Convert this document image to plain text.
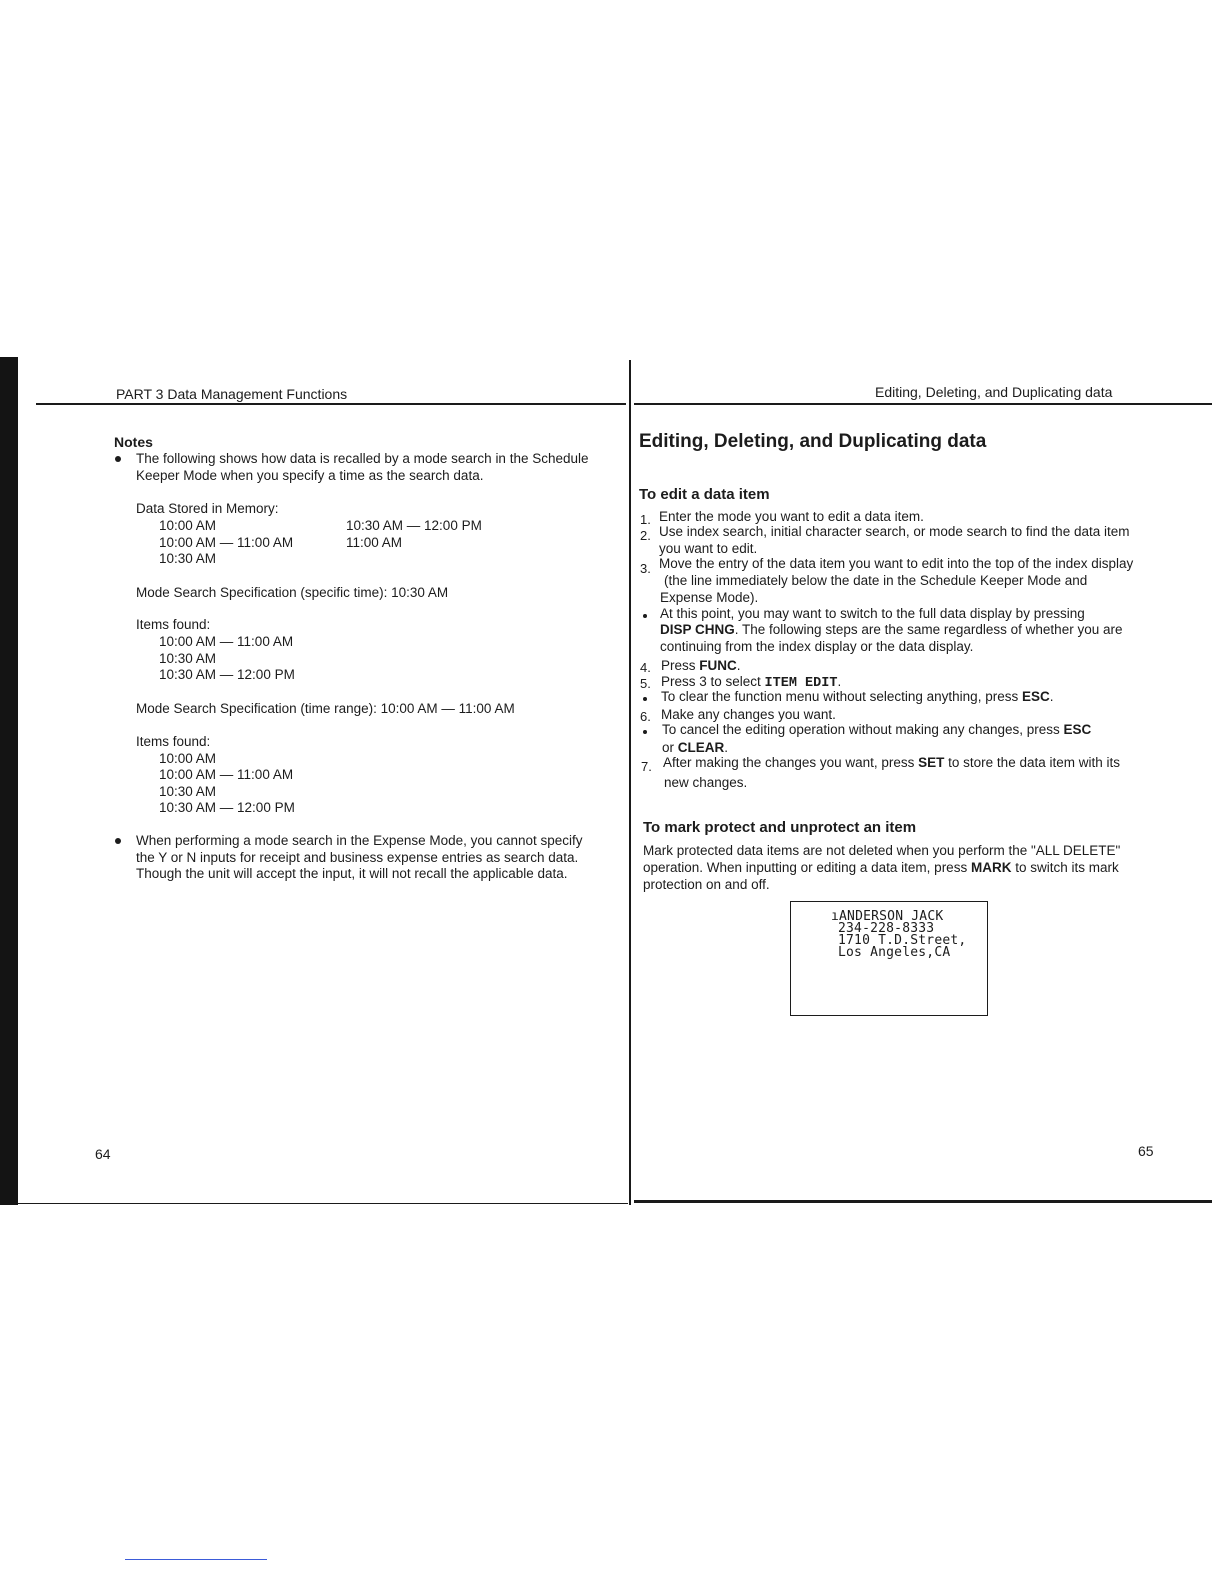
PART 3 Data Management Functions
Notes
The following shows how data is recalled by a mode search in the Schedule
Keeper Mode when you specify a time as the search data.
Data Stored in Memory:
10:00 AM
10:00 AM — 11:00 AM
10:30 AM
10:30 AM — 12:00 PM
11:00 AM
Mode Search Specification (specific time): 10:30 AM
Items found:
10:00 AM — 11:00 AM
10:30 AM
10:30 AM — 12:00 PM
Mode Search Specification (time range): 10:00 AM — 11:00 AM
Items found:
10:00 AM
10:00 AM — 11:00 AM
10:30 AM
10:30 AM — 12:00 PM
When performing a mode search in the Expense Mode, you cannot specify
the Y or N inputs for receipt and business expense entries as search data.
Though the unit will accept the input, it will not recall the applicable data.
64
Editing, Deleting, and Duplicating data
Editing, Deleting, and Duplicating data
To edit a data item
1. Enter the mode you want to edit a data item.
2. Use index search, initial character search, or mode search to find the data item
you want to edit.
3. Move the entry of the data item you want to edit into the top of the index display
(the line immediately below the date in the Schedule Keeper Mode and
Expense Mode).
At this point, you may want to switch to the full data display by pressing
DISP CHNG. The following steps are the same regardless of whether you are
continuing from the index display or the data display.
4. Press FUNC.
5. Press 3 to select ITEM EDIT.
To clear the function menu without selecting anything, press ESC.
6. Make any changes you want.
To cancel the editing operation without making any changes, press ESC
or CLEAR.
7. After making the changes you want, press SET to store the data item with its
new changes.
To mark protect and unprotect an item
Mark protected data items are not deleted when you perform the "ALL DELETE"
operation. When inputting or editing a data item, press MARK to switch its mark
protection on and off.
ıANDERSON JACK
234-228-8333
1710 T.D.Street,
Los Angeles,CA
65
